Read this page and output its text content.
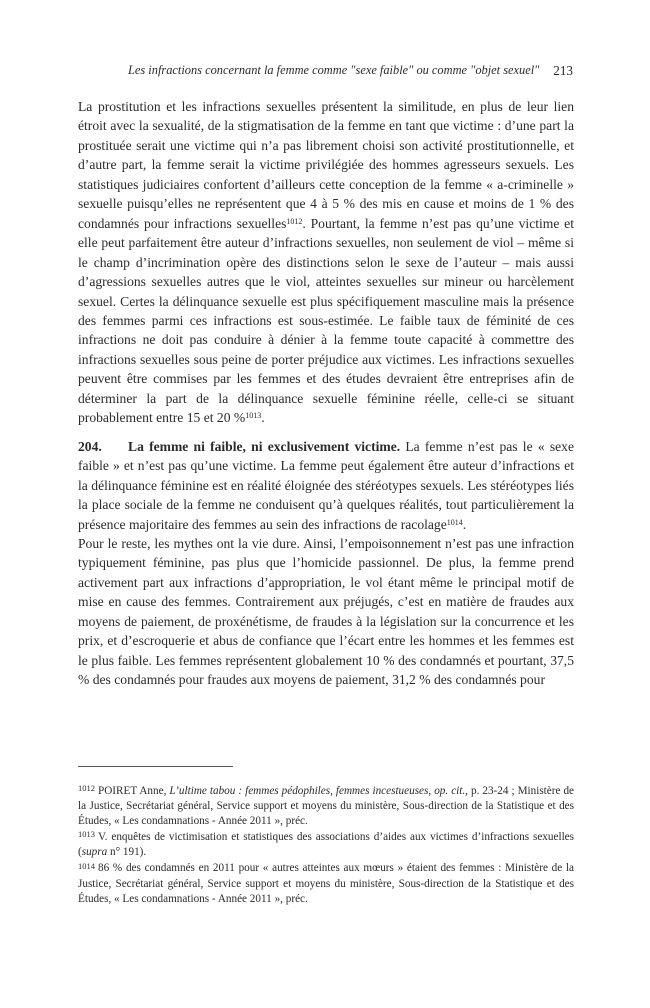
Les infractions concernant la femme comme "sexe faible" ou comme "objet sexuel" 213

La prostitution et les infractions sexuelles présentent la similitude, en plus de leur lien étroit avec la sexualité, de la stigmatisation de la femme en tant que victime : d’une part la prostituée serait une victime qui n’a pas librement choisi son activité prostitutionnelle, et d’autre part, la femme serait la victime privilégiée des hommes agresseurs sexuels. Les statistiques judiciaires confortent d’ailleurs cette conception de la femme « a-criminelle » sexuelle puisqu’elles ne représentent que 4 à 5 % des mis en cause et moins de 1 % des condamnés pour infractions sexuelles$^{1012}$. Pourtant, la femme n’est pas qu’une victime et elle peut parfaitement être auteur d’infractions sexuelles, non seulement de viol – même si le champ d’incrimination opère des distinctions selon le sexe de l’auteur – mais aussi d’agressions sexuelles autres que le viol, atteintes sexuelles sur mineur ou harcèlement sexuel. Certes la délinquance sexuelle est plus spécifiquement masculine mais la présence des femmes parmi ces infractions est sous-estimée. Le faible taux de féminité de ces infractions ne doit pas conduire à dénier à la femme toute capacité à commettre des infractions sexuelles sous peine de porter préjudice aux victimes. Les infractions sexuelles peuvent être commises par les femmes et des études devraient être entreprises afin de déterminer la part de la délinquance sexuelle féminine réelle, celle-ci se situant probablement entre 15 et 20 %$^{1013}$.

204. La femme ni faible, ni exclusivement victime. La femme n’est pas le « sexe faible » et n’est pas qu’une victime. La femme peut également être auteur d’infractions et la délinquance féminine est en réalité éloignée des stéréotypes sexuels. Les stéréotypes liés la place sociale de la femme ne conduisent qu’à quelques réalités, tout particulièrement la présence majoritaire des femmes au sein des infractions de racolage$^{1014}$.

Pour le reste, les mythes ont la vie dure. Ainsi, l’empoisonnement n’est pas une infraction typiquement féminine, pas plus que l’homicide passionnel. De plus, la femme prend activement part aux infractions d’appropriation, le vol étant même le principal motif de mise en cause des femmes. Contrairement aux préjugés, c’est en matière de fraudes aux moyens de paiement, de proxénétisme, de fraudes à la législation sur la concurrence et les prix, et d’escroquerie et abus de confiance que l’écart entre les hommes et les femmes est le plus faible. Les femmes représentent globalement 10 % des condamnés et pourtant, 37,5 % des condamnés pour fraudes aux moyens de paiement, 31,2 % des condamnés pour

$^{1012}$ POIRET Anne, L’ultime tabou : femmes pédophiles, femmes incestueuses, op. cit., p. 23-24 ; Ministère de la Justice, Secrétariat général, Service support et moyens du ministère, Sous-direction de la Statistique et des Études, « Les condamnations - Année 2011 », préc.

$^{1013}$ V. enquêtes de victimisation et statistiques des associations d’aides aux victimes d’infractions sexuelles (supra n° 191).

$^{1014}$ 86 % des condamnés en 2011 pour « autres atteintes aux mœurs » étaient des femmes : Ministère de la Justice, Secrétariat général, Service support et moyens du ministère, Sous-direction de la Statistique et des Études, « Les condamnations - Année 2011 », préc.
